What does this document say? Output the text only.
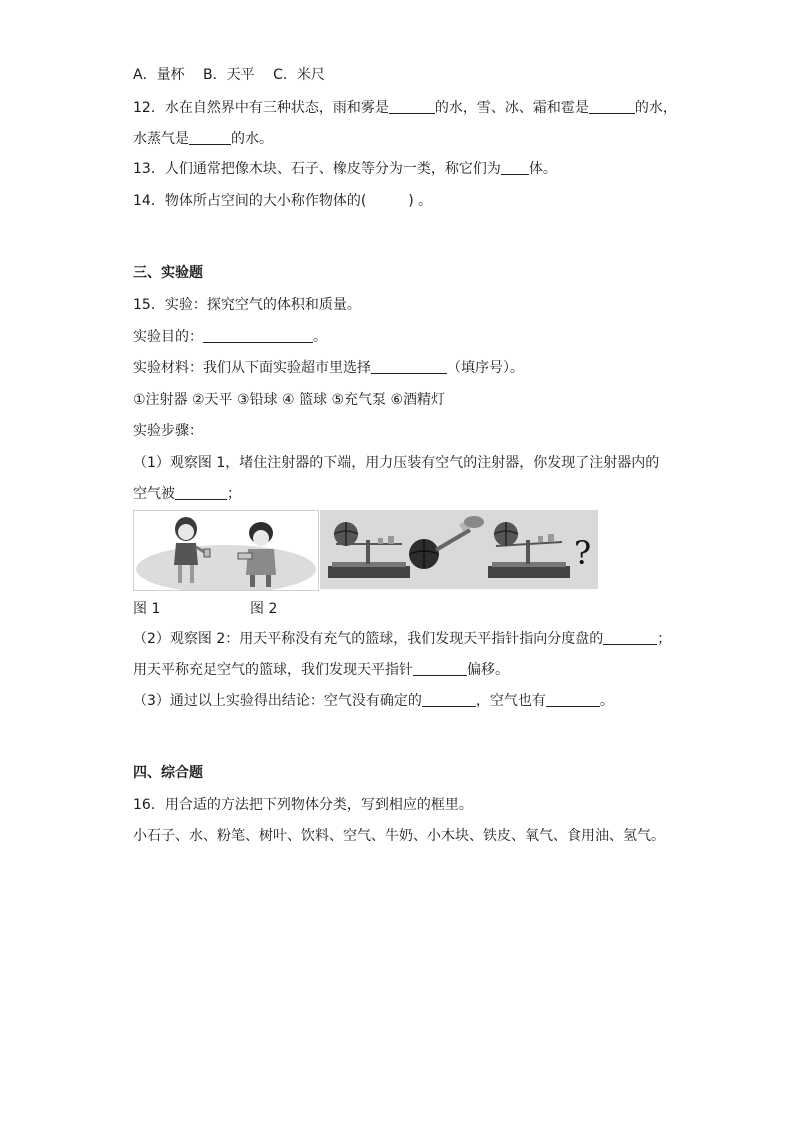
A．量杯　 B．天平　 C．米尺
12．水在自然界中有三种状态，雨和雾是	的水，雪、冰、霜和雹是	的水，
水蒸气是	的水。
13．人们通常把像木块、石子、橡皮等分为一类，称它们为 体。
14．物体所占空间的大小称作物体的(　　　) 。
三、实验题
15．实验：探究空气的体积和质量。
实验目的：	。
实验材料：我们从下面实验超市里选择	（填序号）。
①注射器 ②天平 ③铅球 ④ 篮球 ⑤充气泵 ⑥酒精灯
实验步骤：
（1）观察图 1，堵住注射器的下端，用力压装有空气的注射器，你发现了注射器内的
空气被	；
?
图 1	图 2
（2）观察图 2：用天平称没有充气的篮球，我们发现天平指针指向分度盘的	；
用天平称充足空气的篮球，我们发现天平指针	偏移。
（3）通过以上实验得出结论：空气没有确定的	，空气也有	。
四、综合题
16．用合适的方法把下列物体分类，写到相应的框里。
小石子、水、粉笔、树叶、饮料、空气、牛奶、小木块、铁皮、氧气、食用油、氢气。
